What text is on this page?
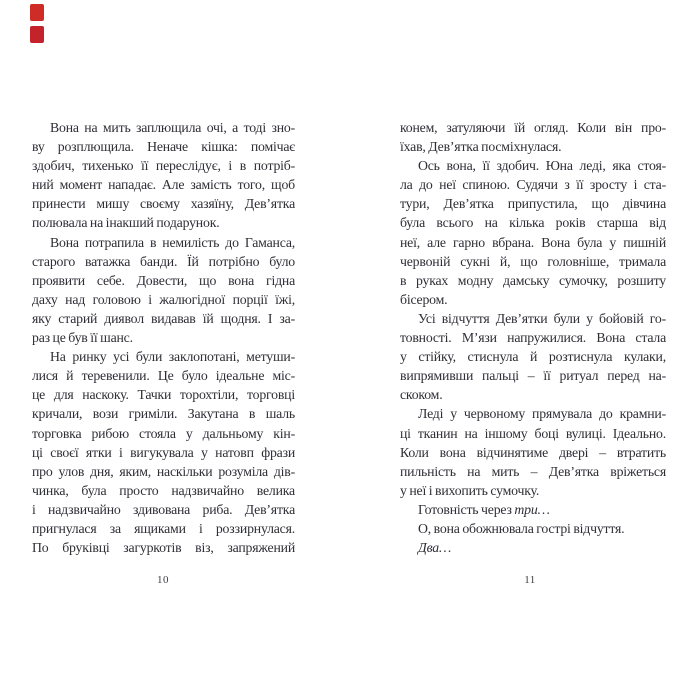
Вона на мить заплющила очі, а тоді зно-
ву розплющила. Неначе кішка: помічає
здобич, тихенько її переслідує, і в потріб-
ний момент нападає. Але замість того, щоб
принести мишу своєму хазяїну, Дев’ятка
полювала на інакший подарунок.
Вона потрапила в немилість до Гаманса,
старого ватажка банди. Їй потрібно було
проявити себе. Довести, що вона гідна
даху над головою і жалюгідної порції їжі,
яку старий диявол видавав їй щодня. І за-
раз це був її шанс.
На ринку усі були заклопотані, метуши-
лися й теревенили. Це було ідеальне міс-
це для наскоку. Тачки торохтіли, торговці
кричали, вози гриміли. Закутана в шаль
торговка рибою стояла у дальньому кін-
ці своєї ятки і вигукувала у натовп фрази
про улов дня, яким, наскільки розуміла дів-
чинка, була просто надзвичайно велика
і надзвичайно здивована риба. Дев’ятка
пригнулася за ящиками і роззирнулася.
По бруківці загуркотів віз, запряжений
конем, затуляючи їй огляд. Коли він про-
їхав, Дев’ятка посміхнулася.
Ось вона, її здобич. Юна леді, яка стоя-
ла до неї спиною. Судячи з її зросту і ста-
тури, Дев’ятка припустила, що дівчина
була всього на кілька років старша від
неї, але гарно вбрана. Вона була у пишній
червоній сукні й, що головніше, тримала
в руках модну дамську сумочку, розшиту
бісером.
Усі відчуття Дев’ятки були у бойовій го-
товності. М’язи напружилися. Вона стала
у стійку, стиснула й розтиснула кулаки,
випрямивши пальці – її ритуал перед на-
скоком.
Леді у червоному прямувала до крамни-
ці тканин на іншому боці вулиці. Ідеально.
Коли вона відчинятиме двері – втратить
пильність на мить – Дев’ятка вріжеться
у неї і вихопить сумочку.
Готовність через три…
О, вона обожнювала гострі відчуття.
Два…
10	11
